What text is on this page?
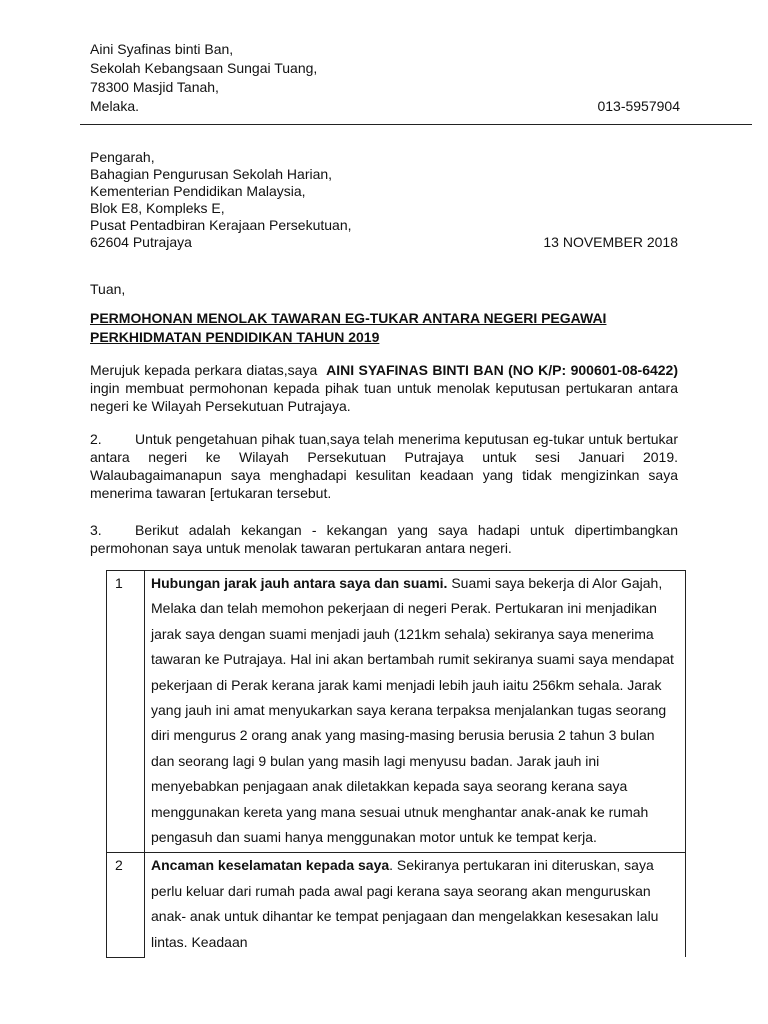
Aini Syafinas binti Ban,
Sekolah Kebangsaan Sungai Tuang,
78300 Masjid Tanah,
Melaka.	013-5957904
Pengarah,
Bahagian Pengurusan Sekolah Harian,
Kementerian Pendidikan Malaysia,
Blok E8, Kompleks E,
Pusat Pentadbiran Kerajaan Persekutuan,
62604 Putrajaya	13 NOVEMBER 2018
Tuan,
PERMOHONAN MENOLAK TAWARAN EG-TUKAR ANTARA NEGERI PEGAWAI PERKHIDMATAN PENDIDIKAN TAHUN 2019
Merujuk kepada perkara diatas,saya AINI SYAFINAS BINTI BAN (NO K/P: 900601-08-6422) ingin membuat permohonan kepada pihak tuan untuk menolak keputusan pertukaran antara negeri ke Wilayah Persekutuan Putrajaya.
2. Untuk pengetahuan pihak tuan,saya telah menerima keputusan eg-tukar untuk bertukar antara negeri ke Wilayah Persekutuan Putrajaya untuk sesi Januari 2019. Walaubagaimanapun saya menghadapi kesulitan keadaan yang tidak mengizinkan saya menerima tawaran [ertukaran tersebut.
3. Berikut adalah kekangan - kekangan yang saya hadapi untuk dipertimbangkan permohonan saya untuk menolak tawaran pertukaran antara negeri.
1	Hubungan jarak jauh antara saya dan suami. Suami saya bekerja di Alor Gajah, Melaka dan telah memohon pekerjaan di negeri Perak. Pertukaran ini menjadikan jarak saya dengan suami menjadi jauh (121km sehala) sekiranya saya menerima tawaran ke Putrajaya. Hal ini akan bertambah rumit sekiranya suami saya mendapat pekerjaan di Perak kerana jarak kami menjadi lebih jauh iaitu 256km sehala. Jarak yang jauh ini amat menyukarkan saya kerana terpaksa menjalankan tugas seorang diri mengurus 2 orang anak yang masing-masing berusia berusia 2 tahun 3 bulan dan seorang lagi 9 bulan yang masih lagi menyusu badan. Jarak jauh ini menyebabkan penjagaan anak diletakkan kepada saya seorang kerana saya menggunakan kereta yang mana sesuai utnuk menghantar anak-anak ke rumah pengasuh dan suami hanya menggunakan motor untuk ke tempat kerja.
2	Ancaman keselamatan kepada saya. Sekiranya pertukaran ini diteruskan, saya perlu keluar dari rumah pada awal pagi kerana saya seorang akan menguruskan anak- anak untuk dihantar ke tempat penjagaan dan mengelakkan kesesakan lalu lintas. Keadaan
